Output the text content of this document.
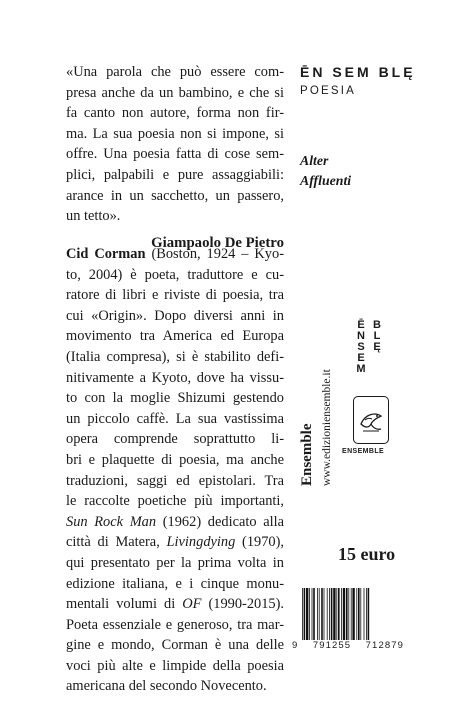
«Una parola che può essere com-
presa anche da un bambino, e che si
fa canto non autore, forma non fir-
ma. La sua poesia non si impone, si
offre. Una poesia fatta di cose sem-
plici, palpabili e pure assaggiabili:
arance in un sacchetto, un passero,
un tetto».
Giampaolo De Pietro
Cid Corman (Boston, 1924 – Kyo-
to, 2004) è poeta, traduttore e cu-
ratore di libri e riviste di poesia, tra
cui «Origin». Dopo diversi anni in
movimento tra America ed Europa
(Italia compresa), si è stabilito defi-
nitivamente a Kyoto, dove ha vissu-
to con la moglie Shizumi gestendo
un piccolo caffè. La sua vastissima
opera comprende soprattutto li-
bri e plaquette di poesia, ma anche
traduzioni, saggi ed epistolari. Tra
le raccolte poetiche più importanti,
Sun Rock Man (1962) dedicato alla
città di Matera, Livingdying (1970),
qui presentato per la prima volta in
edizione italiana, e i cinque monu-
mentali volumi di OF (1990-2015).
Poeta essenziale e generoso, tra mar-
gine e mondo, Corman è una delle
voci più alte e limpide della poesia
americana del secondo Novecento.
ĒN SEM BLĘ
POESIA
Alter
Affluenti
Ensemble www.edizioniensemble.it
Ē
N
S
E
M
B
L
Ę
ENSEMBLE
15 euro
9 791255 712879
